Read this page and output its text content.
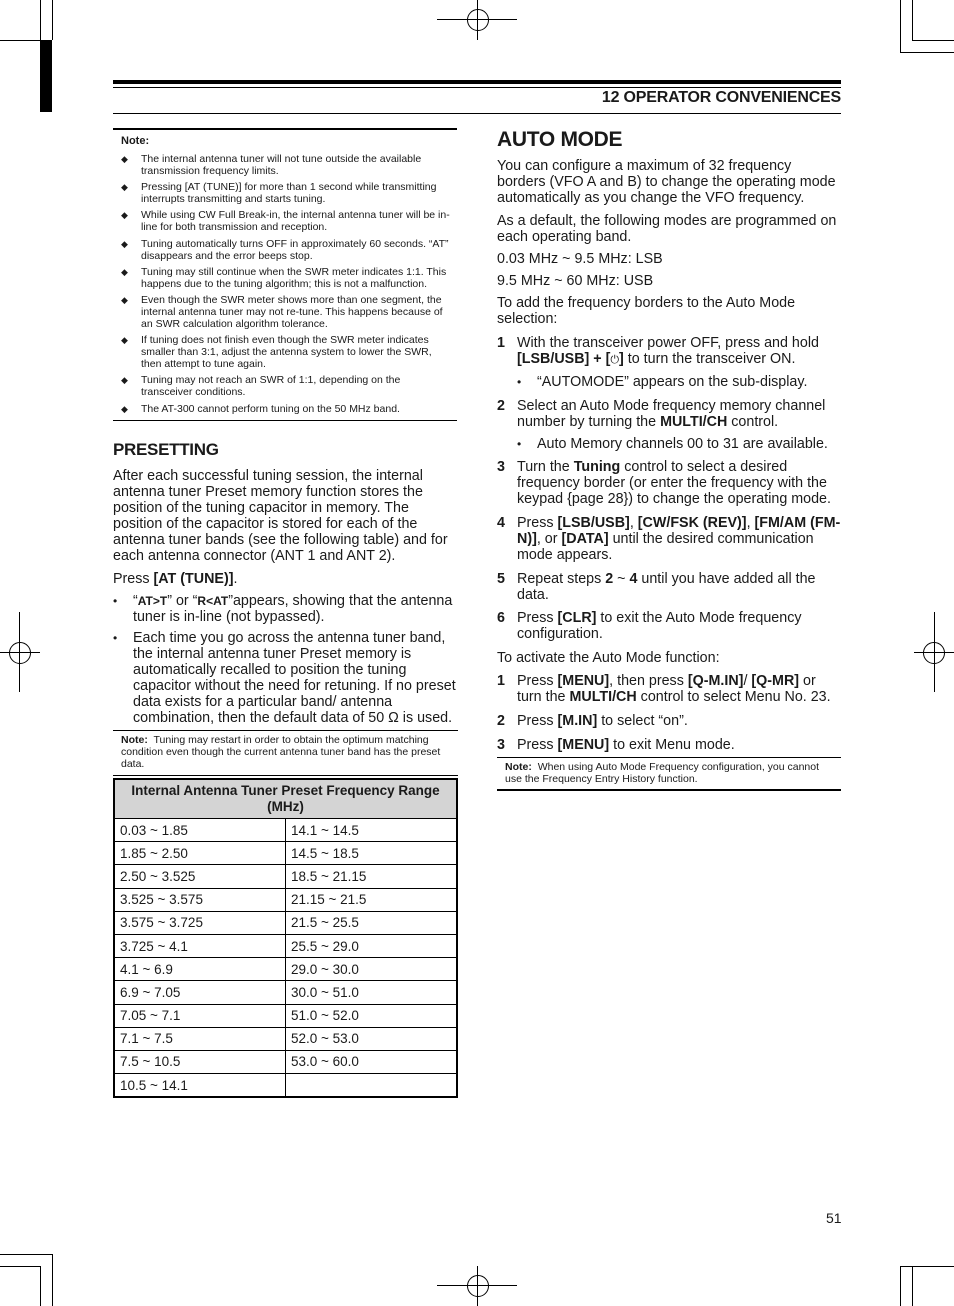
12 OPERATOR CONVENIENCES
Note:
◆ The internal antenna tuner will not tune outside the available transmission frequency limits.
◆ Pressing [AT (TUNE)] for more than 1 second while transmitting interrupts transmitting and starts tuning.
◆ While using CW Full Break-in, the internal antenna tuner will be in-line for both transmission and reception.
◆ Tuning automatically turns OFF in approximately 60 seconds. “AT” disappears and the error beeps stop.
◆ Tuning may still continue when the SWR meter indicates 1:1. This happens due to the tuning algorithm; this is not a malfunction.
◆ Even though the SWR meter shows more than one segment, the internal antenna tuner may not re-tune. This happens because of an SWR calculation algorithm tolerance.
◆ If tuning does not finish even though the SWR meter indicates smaller than 3:1, adjust the antenna system to lower the SWR, then attempt to tune again.
◆ Tuning may not reach an SWR of 1:1, depending on the transceiver conditions.
◆ The AT-300 cannot perform tuning on the 50 MHz band.
PRESETTING

After each successful tuning session, the internal antenna tuner Preset memory function stores the position of the tuning capacitor in memory. The position of the capacitor is stored for each of the antenna tuner bands (see the following table) and for each antenna connector (ANT 1 and ANT 2).

Press [AT (TUNE)].

• “AT>T” or “R<AT”appears, showing that the antenna tuner is in-line (not bypassed).
• Each time you go across the antenna tuner band, the internal antenna tuner Preset memory is automatically recalled to position the tuning capacitor without the need for retuning. If no preset data exists for a particular band/ antenna combination, then the default data of 50 Ω is used.
Note: Tuning may restart in order to obtain the optimum matching condition even though the current antenna tuner band has the preset data.
Internal Antenna Tuner Preset Frequency Range (MHz)	
0.03 ~ 1.85	14.1 ~ 14.5
1.85 ~ 2.50	14.5 ~ 18.5
2.50 ~ 3.525	18.5 ~ 21.15
3.525 ~ 3.575	21.15 ~ 21.5
3.575 ~ 3.725	21.5 ~ 25.5
3.725 ~ 4.1	25.5 ~ 29.0
4.1 ~ 6.9	29.0 ~ 30.0
6.9 ~ 7.05	30.0 ~ 51.0
7.05 ~ 7.1	51.0 ~ 52.0
7.1 ~ 7.5	52.0 ~ 53.0
7.5 ~ 10.5	53.0 ~ 60.0
10.5 ~ 14.1	
AUTO MODE

You can configure a maximum of 32 frequency borders (VFO A and B) to change the operating mode automatically as you change the VFO frequency.

As a default, the following modes are programmed on each operating band.

0.03 MHz ~ 9.5 MHz: LSB

9.5 MHz ~ 60 MHz: USB

To add the frequency borders to the Auto Mode selection:

1 With the transceiver power OFF, press and hold [LSB/USB] + [⏻] to turn the transceiver ON.
• “AUTOMODE” appears on the sub-display.
2 Select an Auto Mode frequency memory channel number by turning the MULTI/CH control.
• Auto Memory channels 00 to 31 are available.
3 Turn the Tuning control to select a desired frequency border (or enter the frequency with the keypad {page 28}) to change the operating mode.
4 Press [LSB/USB], [CW/FSK (REV)], [FM/AM (FM-N)], or [DATA] until the desired communication mode appears.
5 Repeat steps 2 ~ 4 until you have added all the data.
6 Press [CLR] to exit the Auto Mode frequency configuration.

To activate the Auto Mode function:

1 Press [MENU], then press [Q-M.IN]/ [Q-MR] or turn the MULTI/CH control to select Menu No. 23.
2 Press [M.IN] to select “on”.
3 Press [MENU] to exit Menu mode.
Note: When using Auto Mode Frequency configuration, you cannot use the Frequency Entry History function.
51
